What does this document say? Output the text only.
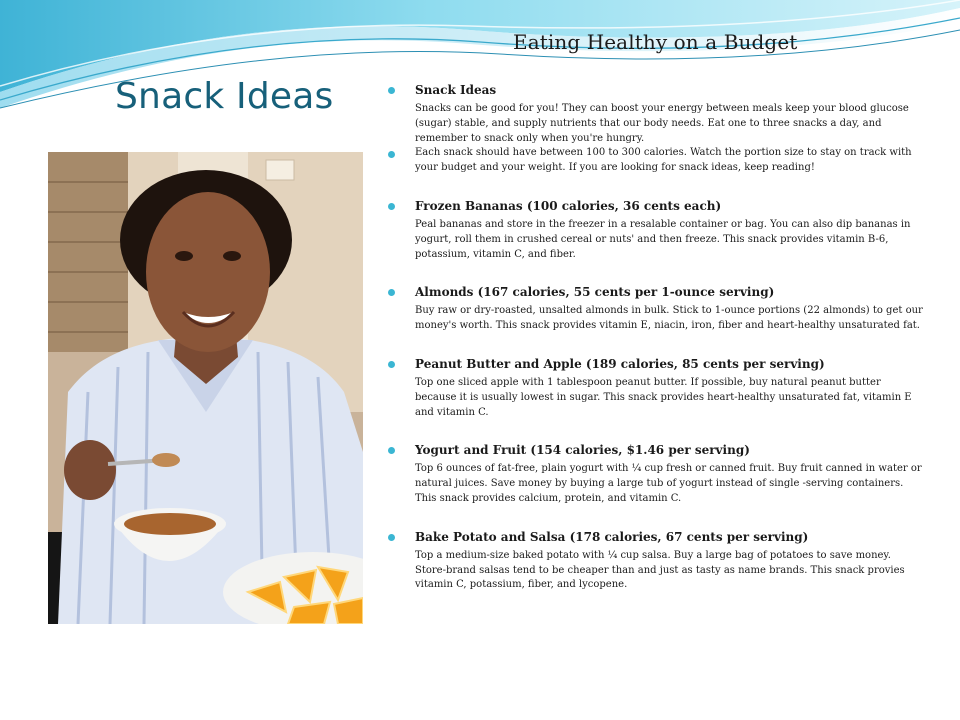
Eating Healthy on a Budget
Snack Ideas	Snack Ideas
Snacks can be good for you! They can boost your energy between meals keep your blood glucose (sugar) stable, and supply nutrients that our body needs. Eat one to three snacks a day, and remember to snack only when you're hungry.
Each snack should have between 100 to 300 calories. Watch the portion size to stay on track with your budget and your weight. If you are looking for snack ideas, keep reading!
Frozen Bananas (100 calories, 36 cents each)
Peal bananas and store in the freezer in a resalable container or bag. You can also dip bananas in yogurt, roll them in crushed cereal or nuts' and then freeze. This snack provides vitamin B-6, potassium, vitamin C, and fiber.
Almonds (167 calories, 55 cents per 1-ounce serving)
Buy raw or dry-roasted, unsalted almonds in bulk. Stick to 1-ounce portions (22 almonds) to get our money's worth. This snack provides vitamin E, niacin, iron, fiber and heart-healthy unsaturated fat.
Peanut Butter and Apple (189 calories, 85 cents per serving)
Top one sliced apple with 1 tablespoon peanut butter. If possible, buy natural peanut butter because it is usually lowest in sugar. This snack provides heart-healthy unsaturated fat, vitamin E and vitamin C.
Yogurt and Fruit (154 calories, $1.46 per serving)
Top 6 ounces of fat-free, plain yogurt with ¼ cup fresh or canned fruit. Buy fruit canned in water or natural juices. Save money by buying a large tub of yogurt instead of single -serving containers. This snack provides calcium, protein, and vitamin C.
Bake Potato and Salsa (178 calories, 67 cents per serving)
Top a medium-size baked potato with ¼ cup salsa. Buy a large bag of potatoes to save money. Store-brand salsas tend to be cheaper than and just as tasty as name brands. This snack provies vitamin C, potassium, fiber, and lycopene.
